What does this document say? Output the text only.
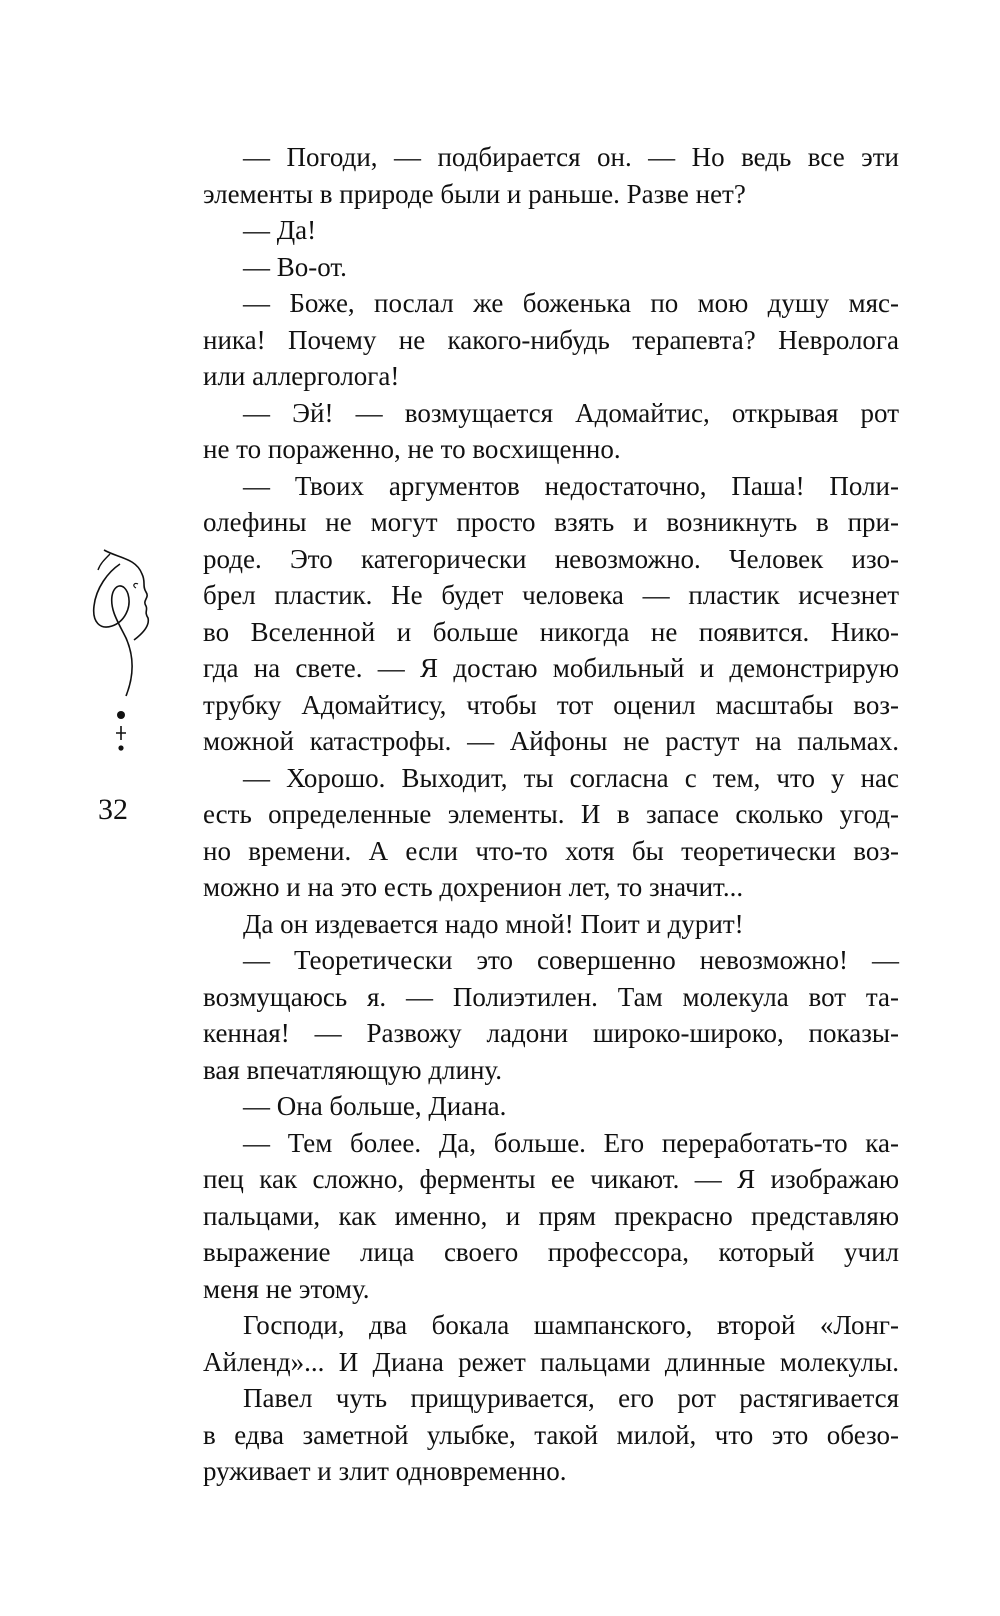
32
— Погоди, — подбирается он. — Но ведь все эти
элементы в природе были и раньше. Разве нет?
— Да!
— Во-от.
— Боже, послал же боженька по мою душу мяс-
ника! Почему не какого-нибудь терапевта? Невролога
или аллерголога!
— Эй! — возмущается Адомайтис, открывая рот
не то пораженно, не то восхищенно.
— Твоих аргументов недостаточно, Паша! Поли-
олефины не могут просто взять и возникнуть в при-
роде. Это категорически невозможно. Человек изо-
брел пластик. Не будет человека — пластик исчезнет
во Вселенной и больше никогда не появится. Нико-
гда на свете. — Я достаю мобильный и демонстрирую
трубку Адомайтису, чтобы тот оценил масштабы воз-
можной катастрофы. — Айфоны не растут на пальмах.
— Хорошо. Выходит, ты согласна с тем, что у нас
есть определенные элементы. И в запасе сколько угод-
но времени. А если что-то хотя бы теоретически воз-
можно и на это есть дохренион лет, то значит...
Да он издевается надо мной! Поит и дурит!
— Теоретически это совершенно невозможно! —
возмущаюсь я. — Полиэтилен. Там молекула вот та-
кенная! — Развожу ладони широко-широко, показы-
вая впечатляющую длину.
— Она больше, Диана.
— Тем более. Да, больше. Его переработать-то ка-
пец как сложно, ферменты ее чикают. — Я изображаю
пальцами, как именно, и прям прекрасно представляю
выражение лица своего профессора, который учил
меня не этому.
Господи, два бокала шампанского, второй «Лонг-
Айленд»... И Диана режет пальцами длинные молекулы.
Павел чуть прищуривается, его рот растягивается
в едва заметной улыбке, такой милой, что это обезо-
руживает и злит одновременно.
